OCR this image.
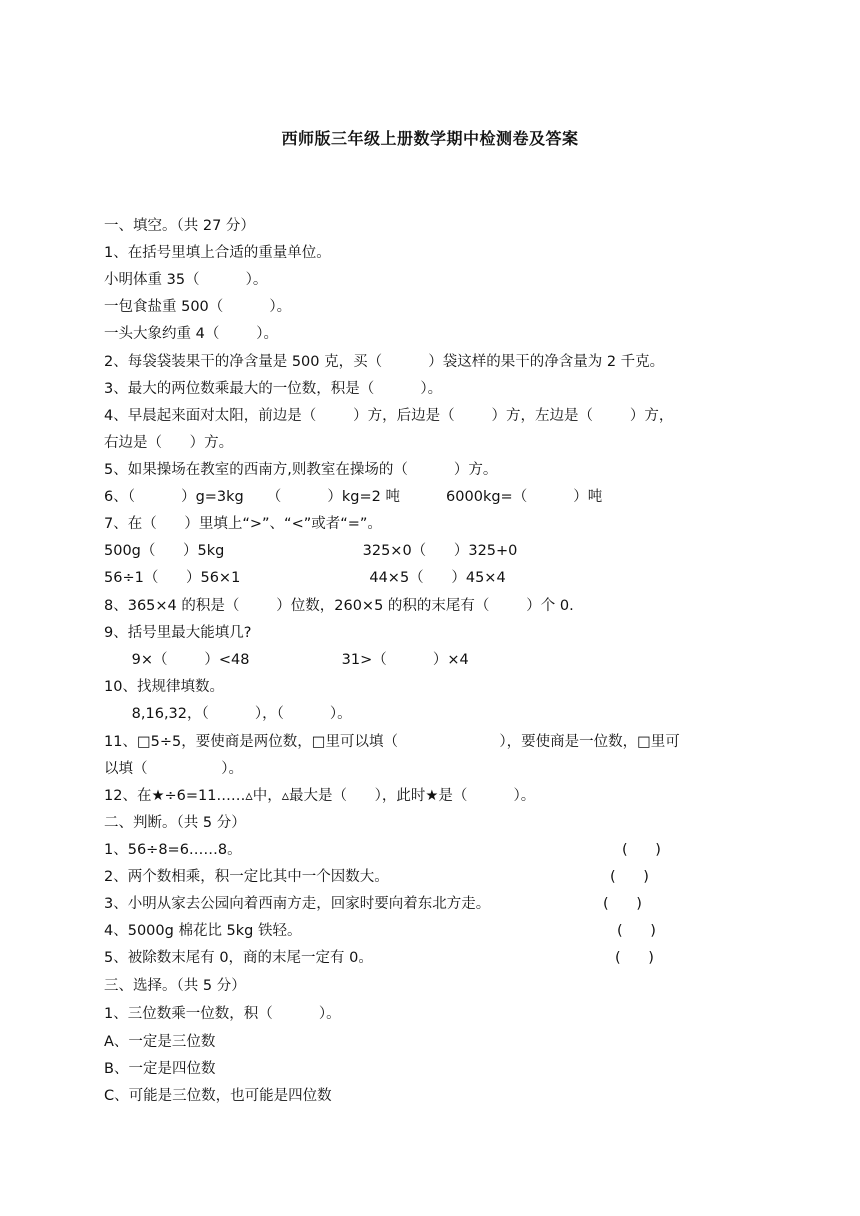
西师版三年级上册数学期中检测卷及答案
一、填空。（共 27 分）
1、在括号里填上合适的重量单位。
小明体重 35（          ）。
一包食盐重 500（          ）。
一头大象约重 4（        ）。
2、每袋袋装果干的净含量是 500 克，买（          ）袋这样的果干的净含量为 2 千克。
3、最大的两位数乘最大的一位数，积是（          ）。
4、早晨起来面对太阳，前边是（        ）方，后边是（        ）方，左边是（        ）方，
右边是（      ）方。
5、如果操场在教室的西南方,则教室在操场的（          ）方。
6、（          ）g=3kg     （          ）kg=2 吨          6000kg=（          ）吨
7、在（      ）里填上“>”、“<”或者“=”。
500g（      ）5kg                              325×0（      ）325+0
56÷1（      ）56×1                            44×5（      ）45×4
8、365×4 的积是（        ）位数，260×5 的积的末尾有（        ）个 0.
9、括号里最大能填几?
9×（        ）<48                    31>（          ）×4
10、找规律填数。
8,16,32，（          ），（          ）。
11、□5÷5，要使商是两位数，□里可以填（                      ），要使商是一位数，□里可
以填（                ）。
12、在★÷6=11……▵中，▵最大是（      ），此时★是（          ）。
二、判断。（共 5 分）
1、56÷8=6……8。
2、两个数相乘，积一定比其中一个因数大。
3、小明从家去公园向着西南方走，回家时要向着东北方走。
4、5000g 棉花比 5kg 铁轻。
5、被除数末尾有 0，商的末尾一定有 0。
三、选择。（共 5 分）
1、三位数乘一位数，积（          ）。
A、一定是三位数
B、一定是四位数
C、可能是三位数，也可能是四位数
(      )
(      )
(      )
(      )
(      )
